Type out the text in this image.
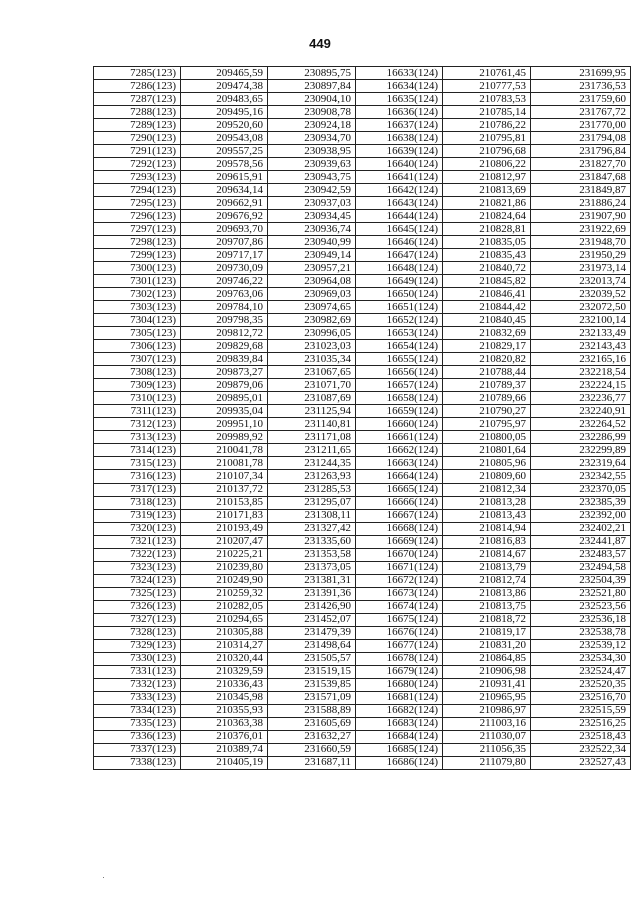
449
7285(123)	209465,59	230895,75	16633(124)	210761,45	231699,95
7286(123)	209474,38	230897,84	16634(124)	210777,53	231736,53
7287(123)	209483,65	230904,10	16635(124)	210783,53	231759,60
7288(123)	209495,16	230908,78	16636(124)	210785,14	231767,72
7289(123)	209520,60	230924,18	16637(124)	210786,22	231770,00
7290(123)	209543,08	230934,70	16638(124)	210795,81	231794,08
7291(123)	209557,25	230938,95	16639(124)	210796,68	231796,84
7292(123)	209578,56	230939,63	16640(124)	210806,22	231827,70
7293(123)	209615,91	230943,75	16641(124)	210812,97	231847,68
7294(123)	209634,14	230942,59	16642(124)	210813,69	231849,87
7295(123)	209662,91	230937,03	16643(124)	210821,86	231886,24
7296(123)	209676,92	230934,45	16644(124)	210824,64	231907,90
7297(123)	209693,70	230936,74	16645(124)	210828,81	231922,69
7298(123)	209707,86	230940,99	16646(124)	210835,05	231948,70
7299(123)	209717,17	230949,14	16647(124)	210835,43	231950,29
7300(123)	209730,09	230957,21	16648(124)	210840,72	231973,14
7301(123)	209746,22	230964,08	16649(124)	210845,82	232013,74
7302(123)	209763,06	230969,03	16650(124)	210846,41	232039,52
7303(123)	209784,10	230974,65	16651(124)	210844,42	232072,50
7304(123)	209798,35	230982,69	16652(124)	210840,45	232100,14
7305(123)	209812,72	230996,05	16653(124)	210832,69	232133,49
7306(123)	209829,68	231023,03	16654(124)	210829,17	232143,43
7307(123)	209839,84	231035,34	16655(124)	210820,82	232165,16
7308(123)	209873,27	231067,65	16656(124)	210788,44	232218,54
7309(123)	209879,06	231071,70	16657(124)	210789,37	232224,15
7310(123)	209895,01	231087,69	16658(124)	210789,66	232236,77
7311(123)	209935,04	231125,94	16659(124)	210790,27	232240,91
7312(123)	209951,10	231140,81	16660(124)	210795,97	232264,52
7313(123)	209989,92	231171,08	16661(124)	210800,05	232286,99
7314(123)	210041,78	231211,65	16662(124)	210801,64	232299,89
7315(123)	210081,78	231244,35	16663(124)	210805,96	232319,64
7316(123)	210107,34	231263,93	16664(124)	210809,60	232342,55
7317(123)	210137,72	231285,53	16665(124)	210812,34	232370,05
7318(123)	210153,85	231295,07	16666(124)	210813,28	232385,39
7319(123)	210171,83	231308,11	16667(124)	210813,43	232392,00
7320(123)	210193,49	231327,42	16668(124)	210814,94	232402,21
7321(123)	210207,47	231335,60	16669(124)	210816,83	232441,87
7322(123)	210225,21	231353,58	16670(124)	210814,67	232483,57
7323(123)	210239,80	231373,05	16671(124)	210813,79	232494,58
7324(123)	210249,90	231381,31	16672(124)	210812,74	232504,39
7325(123)	210259,32	231391,36	16673(124)	210813,86	232521,80
7326(123)	210282,05	231426,90	16674(124)	210813,75	232523,56
7327(123)	210294,65	231452,07	16675(124)	210818,72	232536,18
7328(123)	210305,88	231479,39	16676(124)	210819,17	232538,78
7329(123)	210314,27	231498,64	16677(124)	210831,20	232539,12
7330(123)	210320,44	231505,57	16678(124)	210864,85	232534,30
7331(123)	210329,59	231519,15	16679(124)	210906,98	232524,47
7332(123)	210336,43	231539,85	16680(124)	210931,41	232520,35
7333(123)	210345,98	231571,09	16681(124)	210965,95	232516,70
7334(123)	210355,93	231588,89	16682(124)	210986,97	232515,59
7335(123)	210363,38	231605,69	16683(124)	211003,16	232516,25
7336(123)	210376,01	231632,27	16684(124)	211030,07	232518,43
7337(123)	210389,74	231660,59	16685(124)	211056,35	232522,34
7338(123)	210405,19	231687,11	16686(124)	211079,80	232527,43
